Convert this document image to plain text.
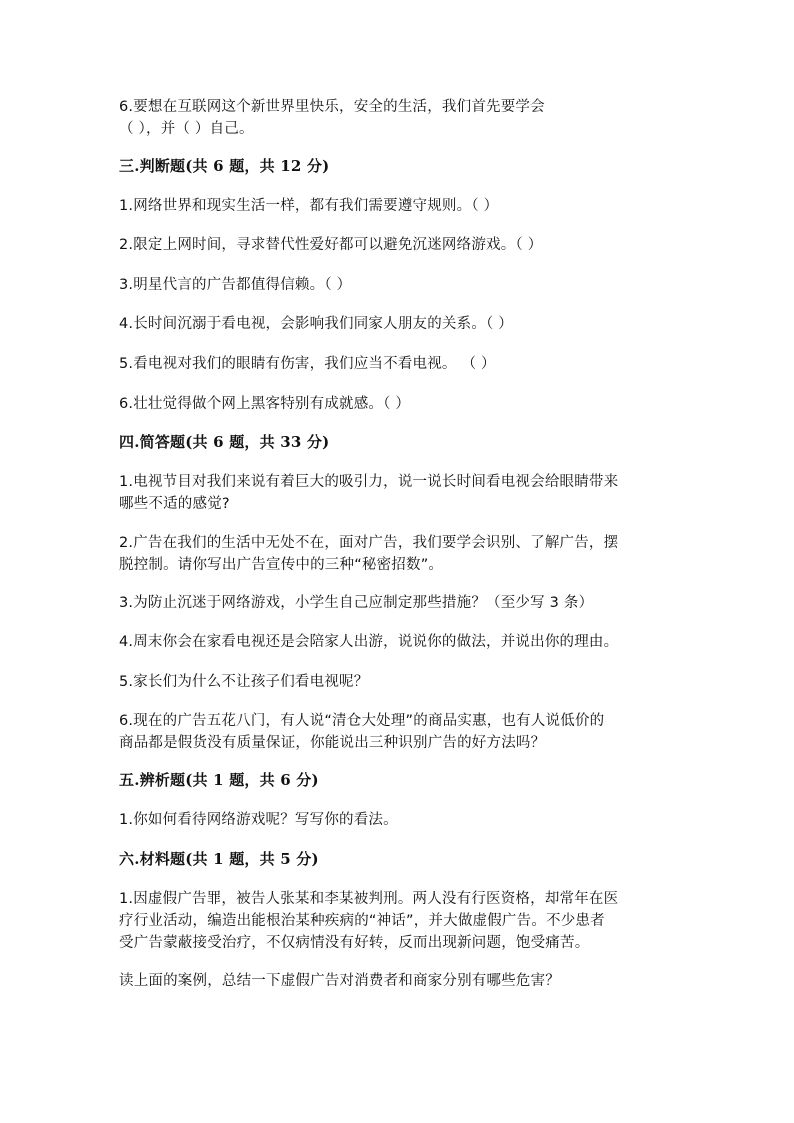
6.要想在互联网这个新世界里快乐，安全的生活，我们首先要学会
（ ），并（ ）自己。
三.判断题(共 6 题，共 12 分)
1.网络世界和现实生活一样，都有我们需要遵守规则。（ ）
2.限定上网时间，寻求替代性爱好都可以避免沉迷网络游戏。（ ）
3.明星代言的广告都值得信赖。（ ）
4.长时间沉溺于看电视，会影响我们同家人朋友的关系。（ ）
5.看电视对我们的眼睛有伤害，我们应当不看电视。 （ ）
6.壮壮觉得做个网上黑客特别有成就感。（ ）
四.简答题(共 6 题，共 33 分)
1.电视节目对我们来说有着巨大的吸引力，说一说长时间看电视会给眼睛带来
哪些不适的感觉?
2.广告在我们的生活中无处不在，面对广告，我们要学会识别、了解广告，摆
脱控制。请你写出广告宣传中的三种“秘密招数”。
3.为防止沉迷于网络游戏，小学生自己应制定那些措施？（至少写 3 条）
4.周末你会在家看电视还是会陪家人出游，说说你的做法，并说出你的理由。
5.家长们为什么不让孩子们看电视呢？
6.现在的广告五花八门，有人说“清仓大处理”的商品实惠，也有人说低价的
商品都是假货没有质量保证，你能说出三种识别广告的好方法吗？
五.辨析题(共 1 题，共 6 分)
1.你如何看待网络游戏呢？写写你的看法。
六.材料题(共 1 题，共 5 分)
1.因虚假广告罪，被告人张某和李某被判刑。两人没有行医资格，却常年在医
疗行业活动，编造出能根治某种疾病的“神话”，并大做虚假广告。不少患者
受广告蒙蔽接受治疗，不仅病情没有好转，反而出现新问题，饱受痛苦。
读上面的案例，总结一下虚假广告对消费者和商家分别有哪些危害？
